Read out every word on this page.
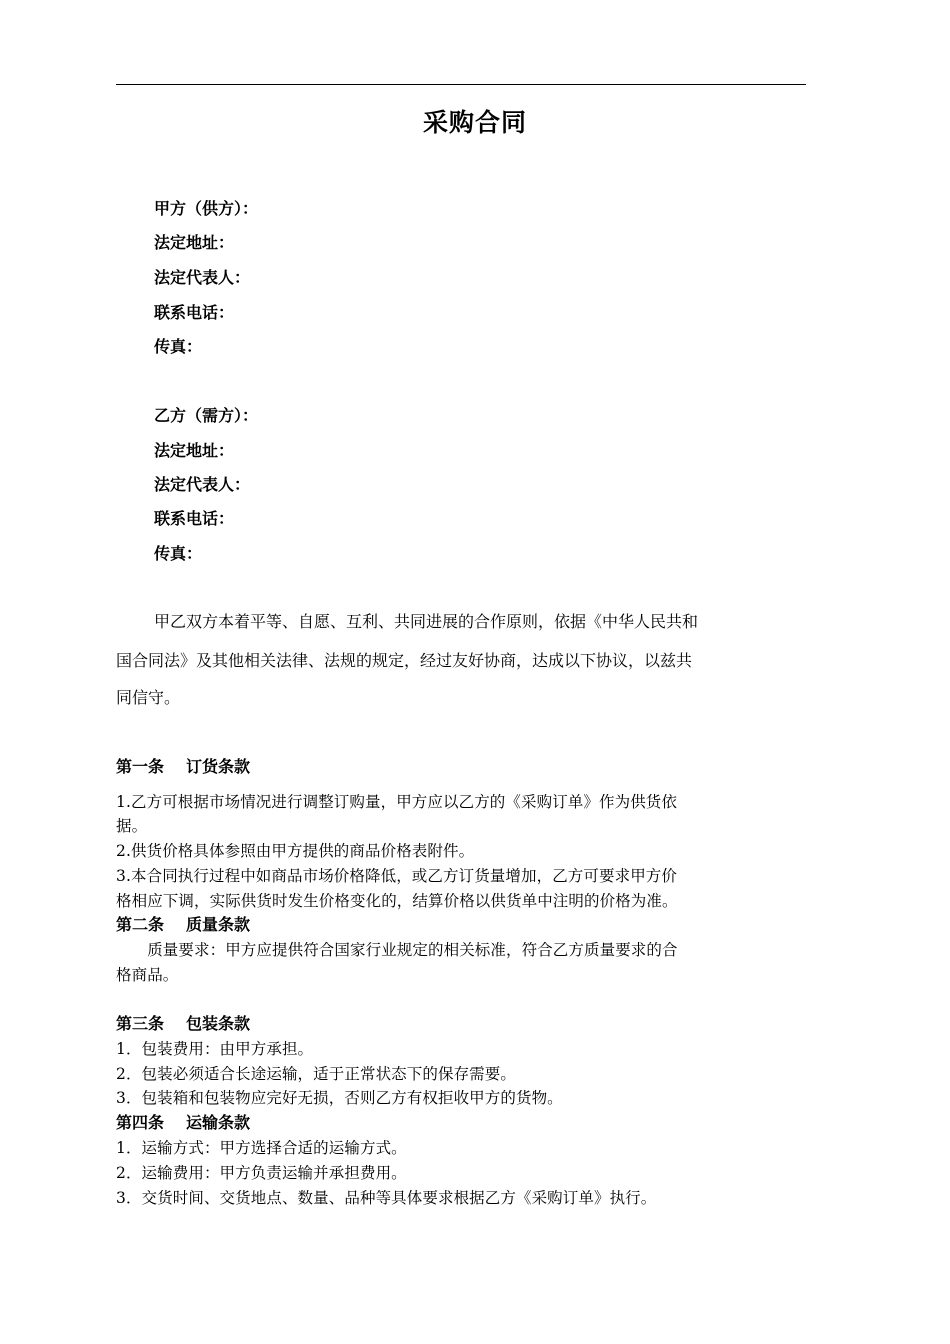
采购合同
甲方（供方）：
法定地址：
法定代表人：
联系电话：
传真：
乙方（需方）：
法定地址：
法定代表人：
联系电话：
传真：
甲乙双方本着平等、自愿、互利、共同进展的合作原则，依据《中华人民共和
国合同法》及其他相关法律、法规的规定，经过友好协商，达成以下协议，以兹共
同信守。
第一条 订货条款
1.乙方可根据市场情况进行调整订购量，甲方应以乙方的《采购订单》作为供货依
据。
2.供货价格具体参照由甲方提供的商品价格表附件。
3.本合同执行过程中如商品市场价格降低，或乙方订货量增加，乙方可要求甲方价
格相应下调，实际供货时发生价格变化的，结算价格以供货单中注明的价格为准。
第二条 质量条款
　　质量要求：甲方应提供符合国家行业规定的相关标准，符合乙方质量要求的合
格商品。
第三条 包装条款
1．包装费用：由甲方承担。
2．包装必须适合长途运输，适于正常状态下的保存需要。
3．包装箱和包装物应完好无损，否则乙方有权拒收甲方的货物。
第四条 运输条款
1．运输方式：甲方选择合适的运输方式。
2．运输费用：甲方负责运输并承担费用。
3．交货时间、交货地点、数量、品种等具体要求根据乙方《采购订单》执行。
